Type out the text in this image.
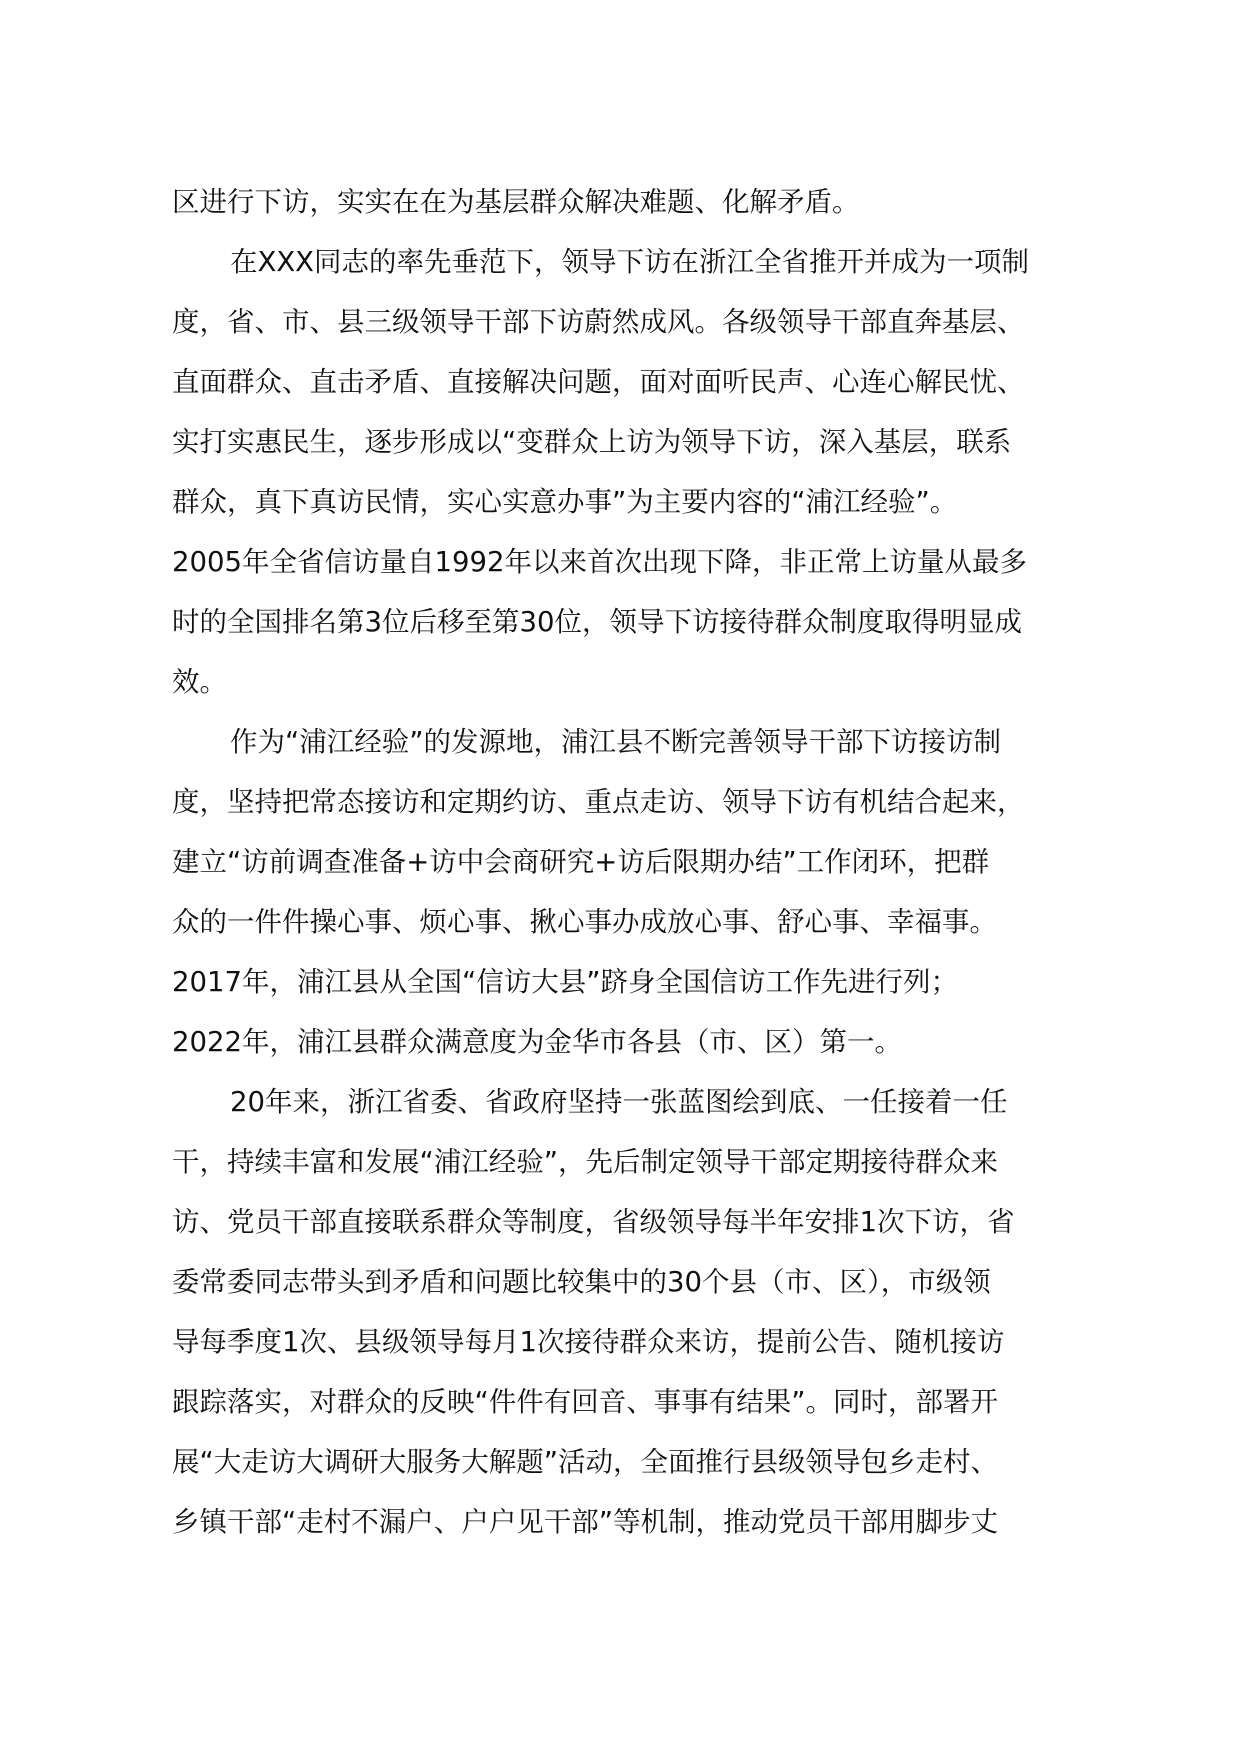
区进行下访，实实在在为基层群众解决难题、化解矛盾。
在XXX同志的率先垂范下，领导下访在浙江全省推开并成为一项制
度，省、市、县三级领导干部下访蔚然成风。各级领导干部直奔基层、
直面群众、直击矛盾、直接解决问题，面对面听民声、心连心解民忧、
实打实惠民生，逐步形成以“变群众上访为领导下访，深入基层，联系
群众，真下真访民情，实心实意办事”为主要内容的“浦江经验”。
2005年全省信访量自1992年以来首次出现下降，非正常上访量从最多
时的全国排名第3位后移至第30位，领导下访接待群众制度取得明显成
效。
作为“浦江经验”的发源地，浦江县不断完善领导干部下访接访制
度，坚持把常态接访和定期约访、重点走访、领导下访有机结合起来，
建立“访前调查准备+访中会商研究+访后限期办结”工作闭环，把群
众的一件件操心事、烦心事、揪心事办成放心事、舒心事、幸福事。
2017年，浦江县从全国“信访大县”跻身全国信访工作先进行列；
2022年，浦江县群众满意度为金华市各县（市、区）第一。
20年来，浙江省委、省政府坚持一张蓝图绘到底、一任接着一任
干，持续丰富和发展“浦江经验”，先后制定领导干部定期接待群众来
访、党员干部直接联系群众等制度，省级领导每半年安排1次下访，省
委常委同志带头到矛盾和问题比较集中的30个县（市、区），市级领
导每季度1次、县级领导每月1次接待群众来访，提前公告、随机接访
跟踪落实，对群众的反映“件件有回音、事事有结果”。同时，部署开
展“大走访大调研大服务大解题”活动，全面推行县级领导包乡走村、
乡镇干部“走村不漏户、户户见干部”等机制，推动党员干部用脚步丈
